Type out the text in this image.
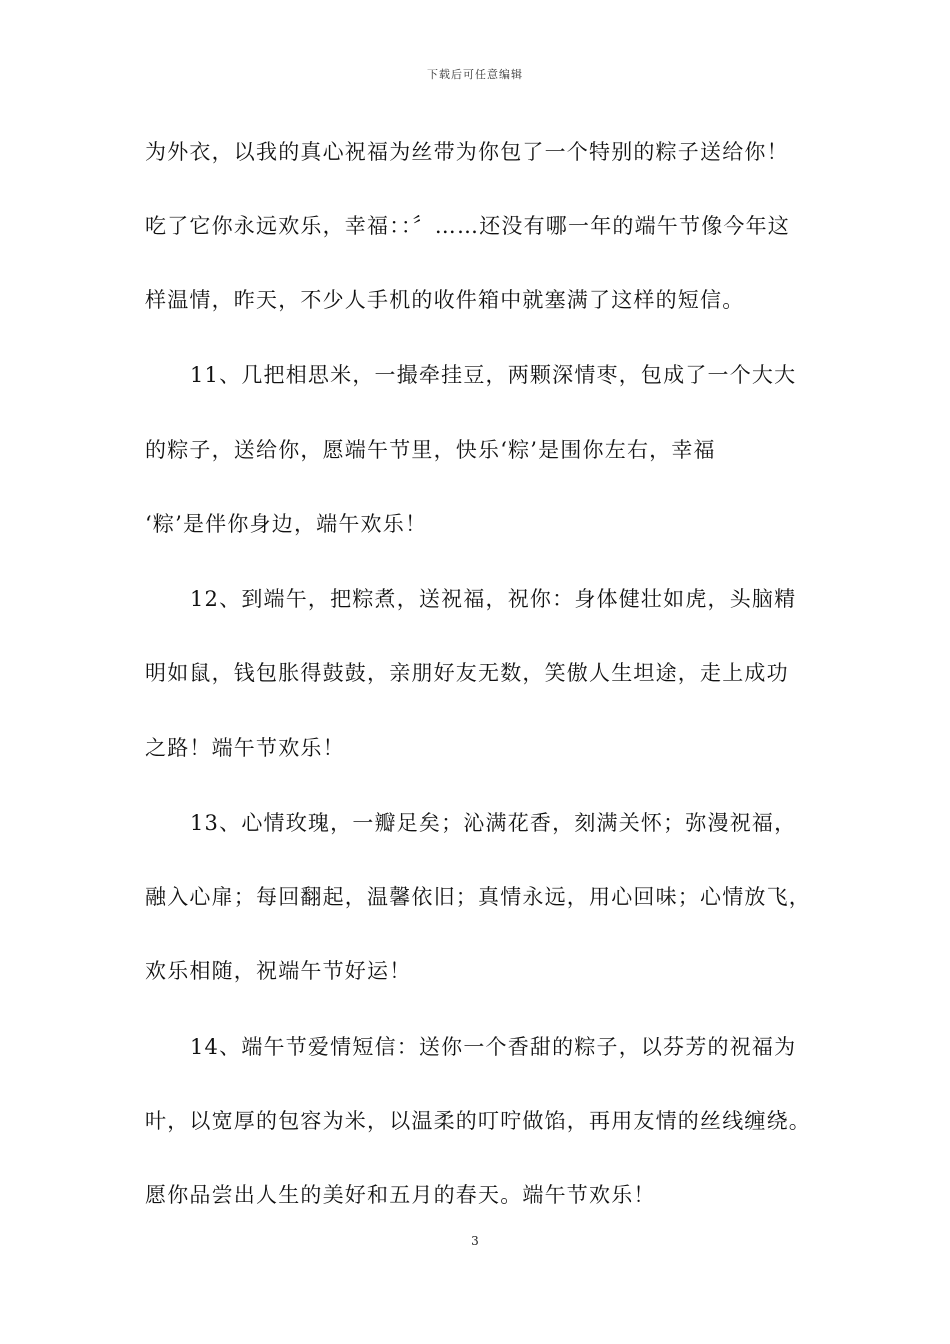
下载后可任意编辑
为外衣，以我的真心祝福为丝带为你包了一个特别的粽子送给你！
吃了它你永远欢乐，幸福：：〞……还没有哪一年的端午节像今年这
样温情，昨天，不少人手机的收件箱中就塞满了这样的短信。
11、几把相思米，一撮牵挂豆，两颗深情枣，包成了一个大大
的粽子，送给你，愿端午节里，快乐‘粽’是围你左右，幸福
‘粽’是伴你身边，端午欢乐！
12、到端午，把粽煮，送祝福，祝你：身体健壮如虎，头脑精
明如鼠，钱包胀得鼓鼓，亲朋好友无数，笑傲人生坦途，走上成功
之路！端午节欢乐！
13、心情玫瑰，一瓣足矣；沁满花香，刻满关怀；弥漫祝福，
融入心扉；每回翻起，温馨依旧；真情永远，用心回味；心情放飞，
欢乐相随，祝端午节好运！
14、端午节爱情短信：送你一个香甜的粽子，以芬芳的祝福为
叶，以宽厚的包容为米，以温柔的叮咛做馅，再用友情的丝线缠绕。
愿你品尝出人生的美好和五月的春天。端午节欢乐！
3
